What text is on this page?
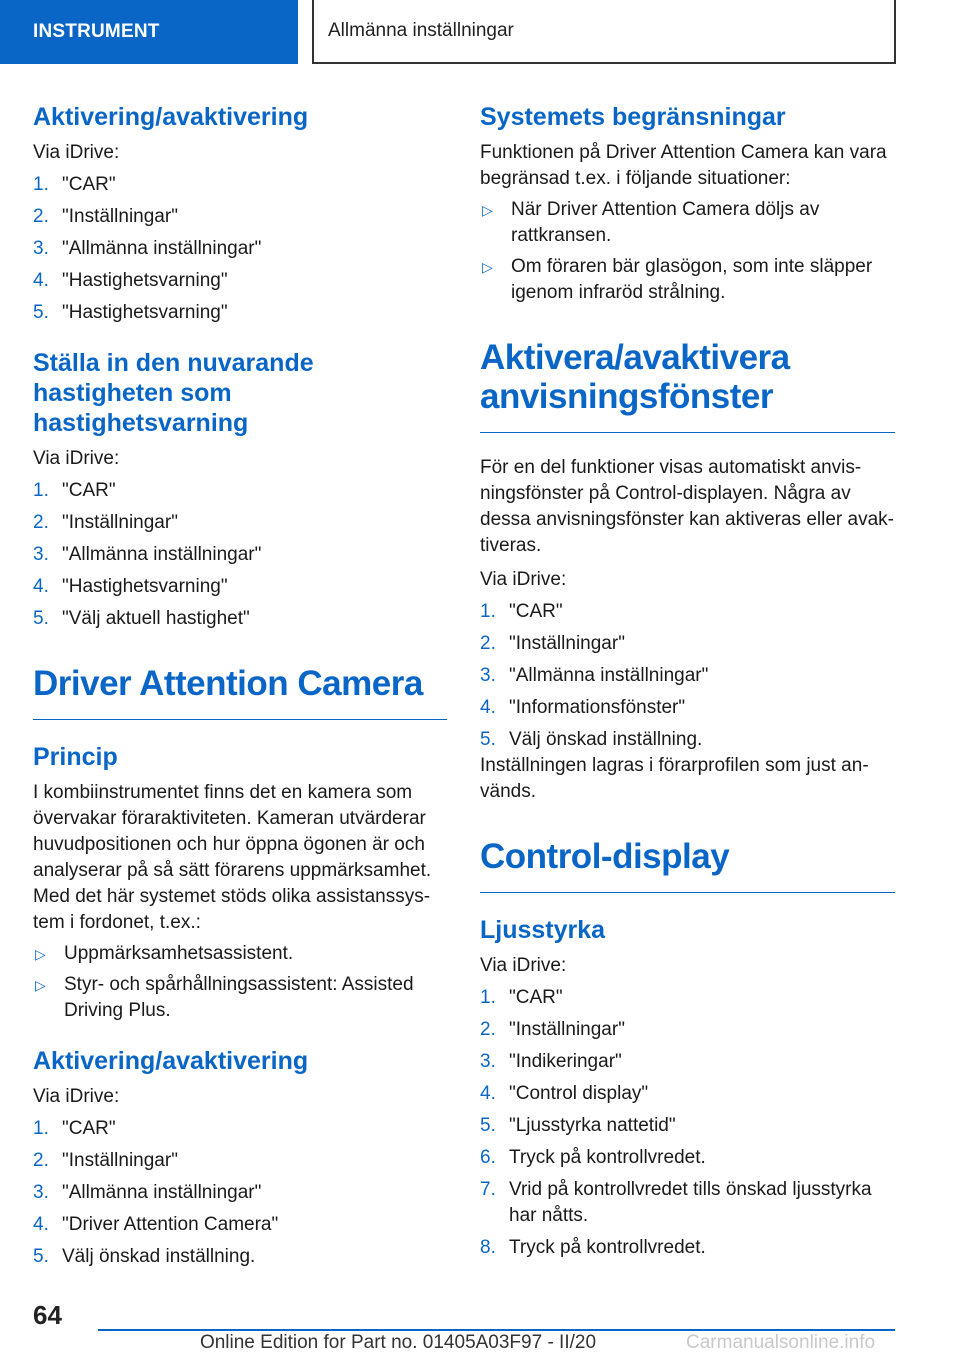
INSTRUMENT	Allmänna inställningar
Aktivering/avaktivering

Via iDrive:

1. "CAR"
2. "Inställningar"
3. "Allmänna inställningar"
4. "Hastighetsvarning"
5. "Hastighetsvarning"
Ställa in den nuvarande hastigheten som hastighetsvarning

Via iDrive:

1. "CAR"
2. "Inställningar"
3. "Allmänna inställningar"
4. "Hastighetsvarning"
5. "Välj aktuell hastighet"
Driver Attention Camera
Princip

I kombiinstrumentet finns det en kamera som övervakar föraraktiviteten. Kameran utvärderar huvudpositionen och hur öppna ögonen är och analyserar på så sätt förarens uppmärksamhet. Med det här systemet stöds olika assistanssystem i fordonet, t.ex.:

▷ Uppmärksamhetsassistent.
▷ Styr- och spårhållningsassistent: Assisted Driving Plus.
Aktivering/avaktivering

Via iDrive:

1. "CAR"
2. "Inställningar"
3. "Allmänna inställningar"
4. "Driver Attention Camera"
5. Välj önskad inställning.
Systemets begränsningar

Funktionen på Driver Attention Camera kan vara begränsad t.ex. i följande situationer:

▷ När Driver Attention Camera döljs av rattkransen.
▷ Om föraren bär glasögon, som inte släpper igenom infraröd strålning.
Aktivera/avaktivera anvisningsfönster

För en del funktioner visas automatiskt anvisningsfönster på Control-displayen. Några av dessa anvisningsfönster kan aktiveras eller avaktiveras.

Via iDrive:

1. "CAR"
2. "Inställningar"
3. "Allmänna inställningar"
4. "Informationsfönster"
5. Välj önskad inställning.

Inställningen lagras i förarprofilen som just används.

Control-display
Ljusstyrka

Via iDrive:

1. "CAR"
2. "Inställningar"
3. "Indikeringar"
4. "Control display"
5. "Ljusstyrka nattetid"
6. Tryck på kontrollvredet.
7. Vrid på kontrollvredet tills önskad ljusstyrka har nåtts.
8. Tryck på kontrollvredet.
64
Online Edition for Part no. 01405A03F97 - II/20	Carmanualsonline.info
